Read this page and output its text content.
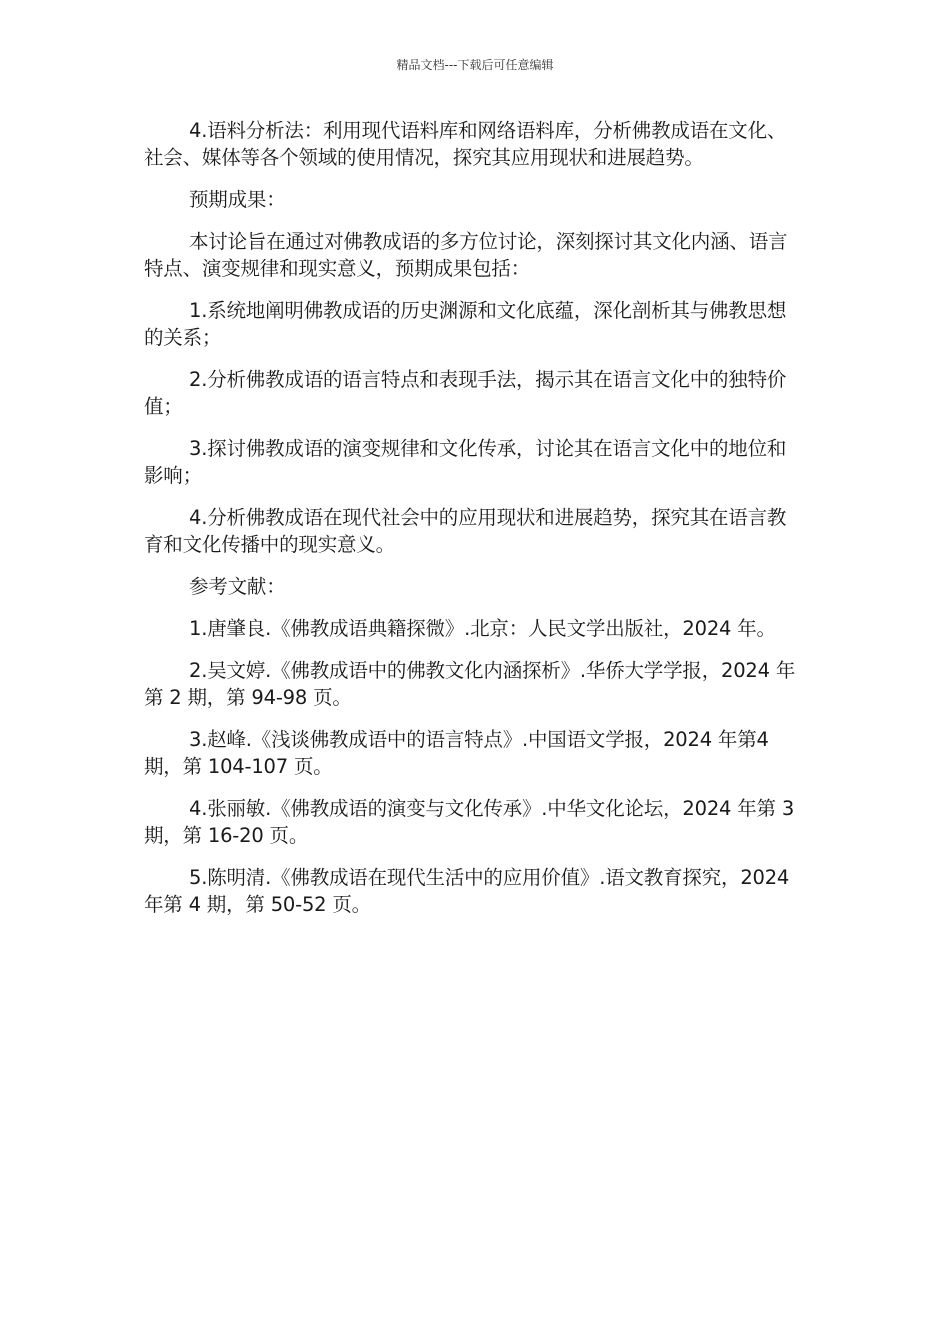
精品文档---下载后可任意编辑

4.语料分析法：利用现代语料库和网络语料库，分析佛教成语在文化、社会、媒体等各个领域的使用情况，探究其应用现状和进展趋势。

预期成果：

本讨论旨在通过对佛教成语的多方位讨论，深刻探讨其文化内涵、语言特点、演变规律和现实意义，预期成果包括：

1.系统地阐明佛教成语的历史渊源和文化底蕴，深化剖析其与佛教思想的关系；

2.分析佛教成语的语言特点和表现手法，揭示其在语言文化中的独特价值；

3.探讨佛教成语的演变规律和文化传承，讨论其在语言文化中的地位和影响；

4.分析佛教成语在现代社会中的应用现状和进展趋势，探究其在语言教育和文化传播中的现实意义。

参考文献：

1.唐肇良.《佛教成语典籍探微》.北京：人民文学出版社，2024 年。

2.吴文婷.《佛教成语中的佛教文化内涵探析》.华侨大学学报，2024 年第 2 期，第 94-98 页。

3.赵峰.《浅谈佛教成语中的语言特点》.中国语文学报，2024 年第4 期，第 104-107 页。

4.张丽敏.《佛教成语的演变与文化传承》.中华文化论坛，2024 年第 3 期，第 16-20 页。

5.陈明清.《佛教成语在现代生活中的应用价值》.语文教育探究，2024 年第 4 期，第 50-52 页。
